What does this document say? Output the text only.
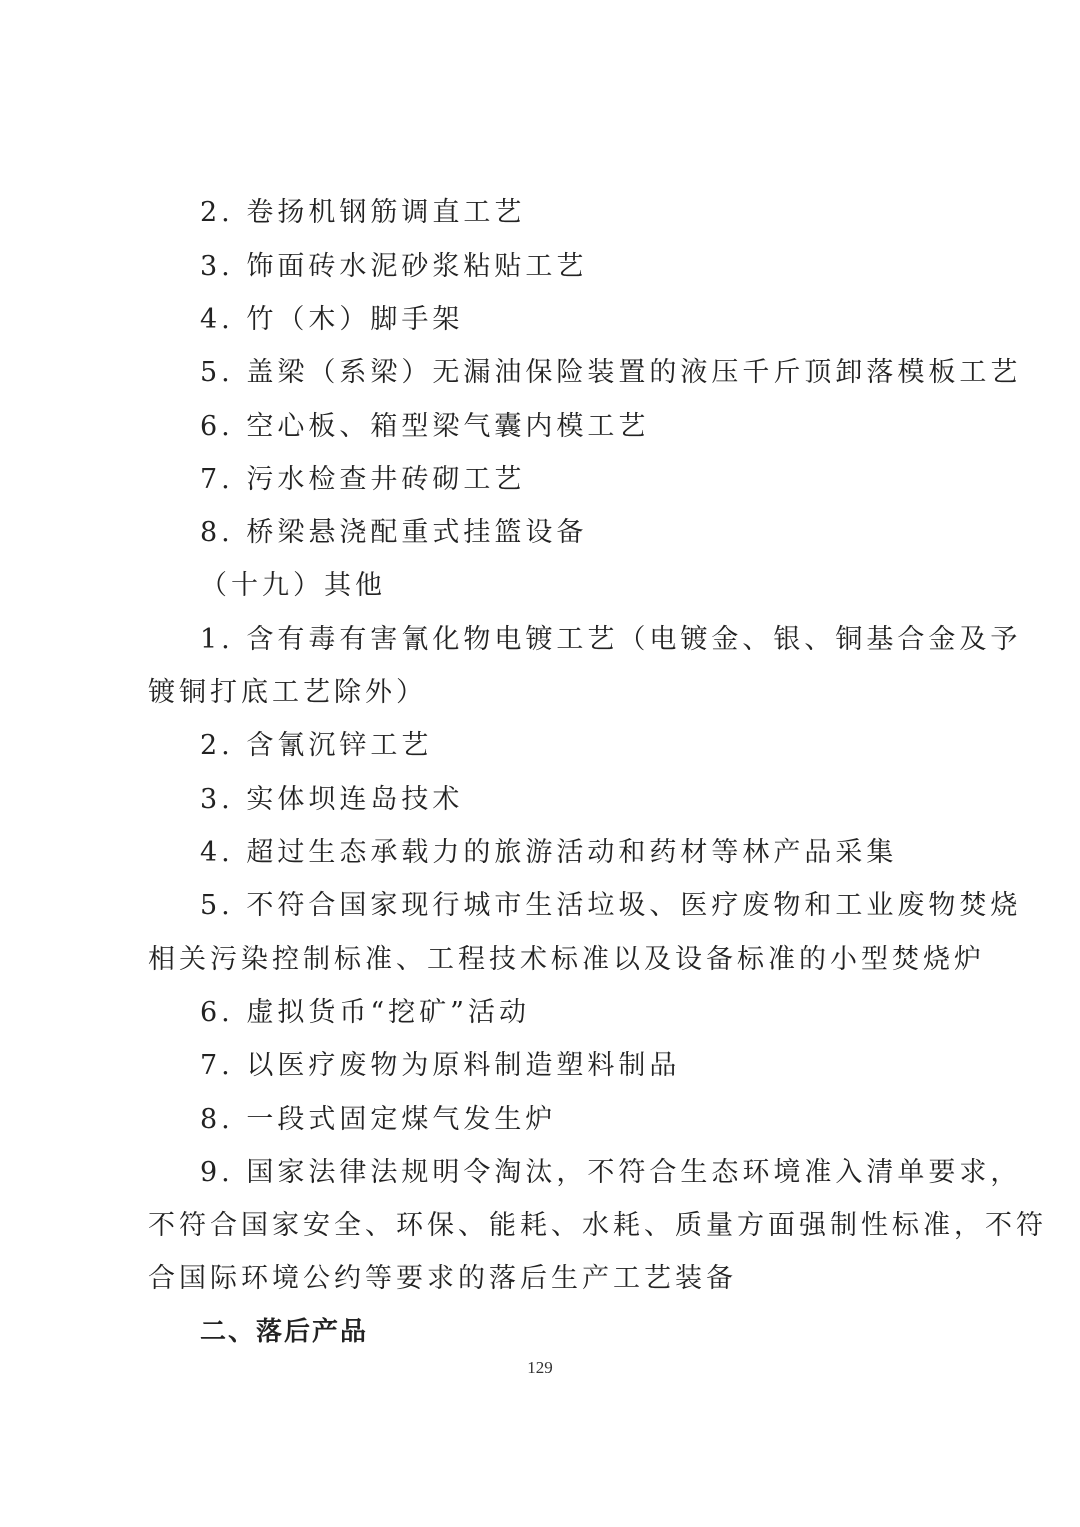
2. 卷扬机钢筋调直工艺
3. 饰面砖水泥砂浆粘贴工艺
4. 竹（木）脚手架
5. 盖梁（系梁）无漏油保险装置的液压千斤顶卸落模板工艺
6. 空心板、箱型梁气囊内模工艺
7. 污水检查井砖砌工艺
8. 桥梁悬浇配重式挂篮设备
（十九）其他
1. 含有毒有害氰化物电镀工艺（电镀金、银、铜基合金及予
镀铜打底工艺除外）
2. 含氰沉锌工艺
3. 实体坝连岛技术
4. 超过生态承载力的旅游活动和药材等林产品采集
5. 不符合国家现行城市生活垃圾、医疗废物和工业废物焚烧
相关污染控制标准、工程技术标准以及设备标准的小型焚烧炉
6. 虚拟货币“挖矿”活动
7. 以医疗废物为原料制造塑料制品
8. 一段式固定煤气发生炉
9. 国家法律法规明令淘汰，不符合生态环境准入清单要求，
不符合国家安全、环保、能耗、水耗、质量方面强制性标准，不符
合国际环境公约等要求的落后生产工艺装备
二、落后产品
129
